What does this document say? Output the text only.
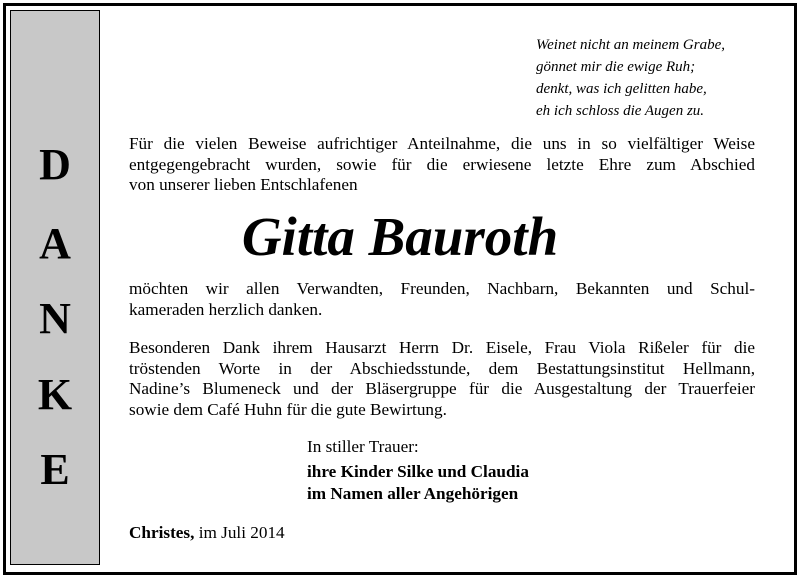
D
A
N
K
E
Weinet nicht an meinem Grabe,
gönnet mir die ewige Ruh;
denkt, was ich gelitten habe,
eh ich schloss die Augen zu.
Für die vielen Beweise aufrichtiger Anteilnahme, die uns in so vielfältiger Weise
entgegengebracht wurden, sowie für die erwiesene letzte Ehre zum Abschied
von unserer lieben Entschlafenen
Gitta Bauroth
möchten wir allen Verwandten, Freunden, Nachbarn, Bekannten und Schul-
kameraden herzlich danken.
Besonderen Dank ihrem Hausarzt Herrn Dr. Eisele, Frau Viola Rißeler für die
tröstenden Worte in der Abschiedsstunde, dem Bestattungsinstitut Hellmann,
Nadine’s Blumeneck und der Bläsergruppe für die Ausgestaltung der Trauerfeier
sowie dem Café Huhn für die gute Bewirtung.
In stiller Trauer:
ihre Kinder Silke und Claudia
im Namen aller Angehörigen
Christes, im Juli 2014
